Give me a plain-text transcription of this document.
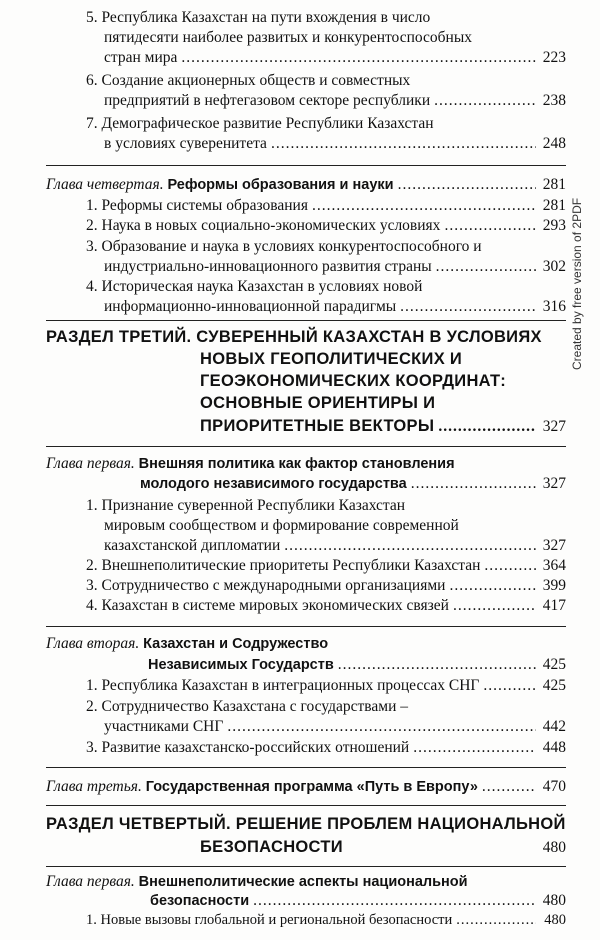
5. Республика Казахстан на пути вхождения в число
пятидесяти наиболее развитых и конкурентоспособных
стран мира .....	223
6. Создание акционерных обществ и совместных
предприятий в нефтегазовом секторе республики .....	238
7. Демографическое развитие Республики Казахстан
в условиях суверенитета .....	248
Глава четвертая.
Реформы образования и науки .....	281
1. Реформы системы образования .....	281
2. Наука в новых социально-экономических условиях .....	293
3. Образование и наука в условиях конкурентоспособного и
индустриально-инновационного развития страны .....	302
4. Историческая наука Казахстан в условиях новой
информационно-инновационной парадигмы .....	316
РАЗДЕЛ ТРЕТИЙ. СУВЕРЕННЫЙ КАЗАХСТАН В УСЛОВИЯХ
НОВЫХ ГЕОПОЛИТИЧЕСКИХ И
ГЕОЭКОНОМИЧЕСКИХ КООРДИНАТ:
ОСНОВНЫЕ ОРИЕНТИРЫ И
ПРИОРИТЕТНЫЕ ВЕКТОРЫ .....	327
Глава первая. Внешняя политика как фактор становления
молодого независимого государства .....	327
1. Признание суверенной Республики Казахстан
мировым сообществом и формирование современной
казахстанской дипломатии .....	327
2. Внешнеполитические приоритеты Республики Казахстан .....	364
3. Сотрудничество с международными организациями .....	399
4. Казахстан в системе мировых экономических связей .....	417
Глава вторая. Казахстан и Содружество
Независимых Государств .....	425
1. Республика Казахстан в интеграционных процессах СНГ .....	425
2. Сотрудничество Казахстана с государствами –
участниками СНГ .....	442
3. Развитие казахстанско-российских отношений .....	448
Глава третья.
Государственная программа «Путь в Европу» .....	470
РАЗДЕЛ ЧЕТВЕРТЫЙ. РЕШЕНИЕ ПРОБЛЕМ НАЦИОНАЛЬНОЙ
БЕЗОПАСНОСТИ	480
Глава первая. Внешнеполитические аспекты национальной
безопасности .....	480
1. Новые вызовы глобальной и региональной безопасности .....	480
Created by free version of 2PDF
